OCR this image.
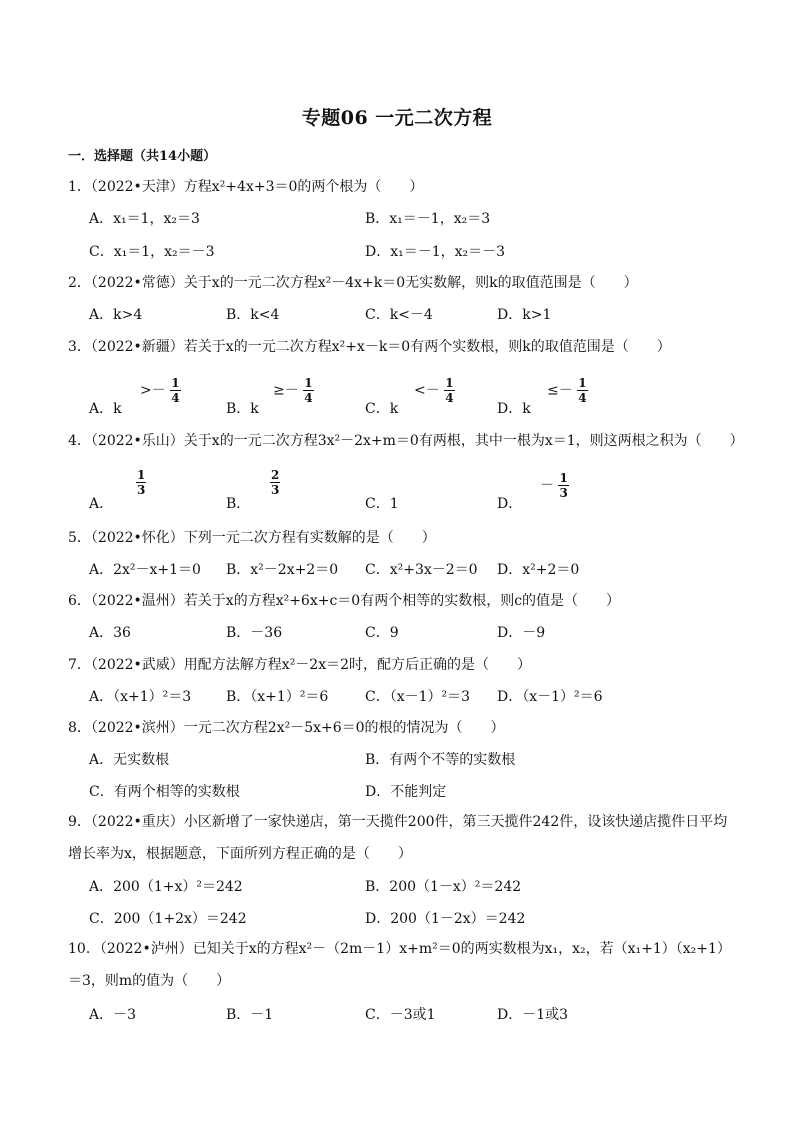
专题06 一元二次方程
一．选择题（共14小题）
1．（2022•天津）方程x²+4x+3＝0的两个根为（　　）
A．x₁＝1，x₂＝3	B．x₁＝－1，x₂＝3
C．x₁＝1，x₂＝－3	D．x₁＝－1，x₂＝－3
2．（2022•常德）关于x的一元二次方程x²－4x+k＝0无实数解，则k的取值范围是（　　）
A．k>4	B．k<4	C．k<－4	D．k>1
3．（2022•新疆）若关于x的一元二次方程x²+x－k＝0有两个实数根，则k的取值范围是（　　）
A．k
>－ $\frac{1}{4}$
B．k
≥－ $\frac{1}{4}$
C．k
<－ $\frac{1}{4}$
D．k
≤－ $\frac{1}{4}$
4．（2022•乐山）关于x的一元二次方程3x²－2x+m＝0有两根，其中一根为x＝1，则这两根之积为（　　）
A．
$\frac{1}{3}$
B．
$\frac{2}{3}$
C．1	D．
－ $\frac{1}{3}$
5．（2022•怀化）下列一元二次方程有实数解的是（　　）
A．2x²－x+1＝0 B．x²－2x+2＝0 C．x²+3x－2＝0 D．x²+2＝0
6．（2022•温州）若关于x的方程x²+6x+c＝0有两个相等的实数根，则c的值是（　　）
A．36	B．－36	C．9	D．－9
7．（2022•武威）用配方法解方程x²－2x＝2时，配方后正确的是（　　）
A．（x+1）²＝3 B．（x+1）²＝6	C．（x－1）²＝3 D．（x－1）²＝6
8．（2022•滨州）一元二次方程2x²－5x+6＝0的根的情况为（　　）
A．无实数根	B．有两个不等的实数根
C．有两个相等的实数根	D．不能判定
9．（2022•重庆）小区新增了一家快递店，第一天揽件200件，第三天揽件242件，设该快递店揽件日平均增长率为x，根据题意，下面所列方程正确的是（　　）
A．200（1+x）²＝242	B．200（1－x）²＝242
C．200（1+2x）＝242	D．200（1－2x）＝242
10．（2022•泸州）已知关于x的方程x²－（2m－1）x+m²＝0的两实数根为x₁，x₂，若（x₁+1）（x₂+1）＝3，则m的值为（　　）
A．－3	B．－1	C．－3或1	D．－1或3
